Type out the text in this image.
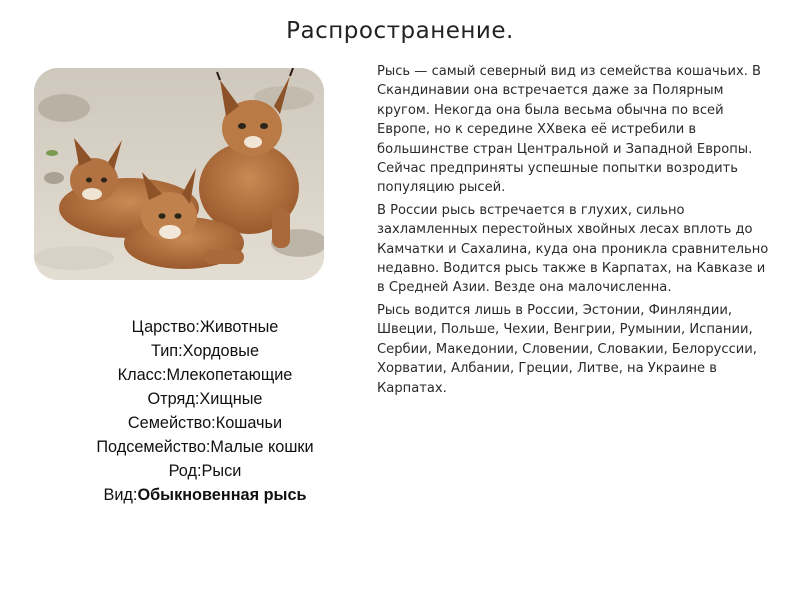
Распространение.
Царство:Животные
Тип:Хордовые
Класс:Млекопетающие
Отряд:Хищные
Семейство:Кошачьи
Подсемейство:Малые кошки
Род:Рыси
Вид:Обыкновенная рысь

Рысь — самый северный вид из семейства кошачьих. В Скандинавии она встречается даже за Полярным кругом. Некогда она была весьма обычна по всей Европе, но к середине XXвека её истребили в большинстве стран Центральной и Западной Европы. Сейчас предприняты успешные попытки возродить популяцию рысей.

В России рысь встречается в глухих, сильно захламленных перестойных хвойных лесах вплоть до Камчатки и Сахалина, куда она проникла сравнительно недавно. Водится рысь также в Карпатах, на Кавказе и в Средней Азии. Везде она малочисленна.

Рысь водится лишь в России, Эстонии, Финляндии, Швеции, Польше, Чехии, Венгрии, Румынии, Испании, Сербии, Македонии, Словении, Словакии, Белоруссии, Хорватии, Албании, Греции, Литве, на Украине в Карпатах.
